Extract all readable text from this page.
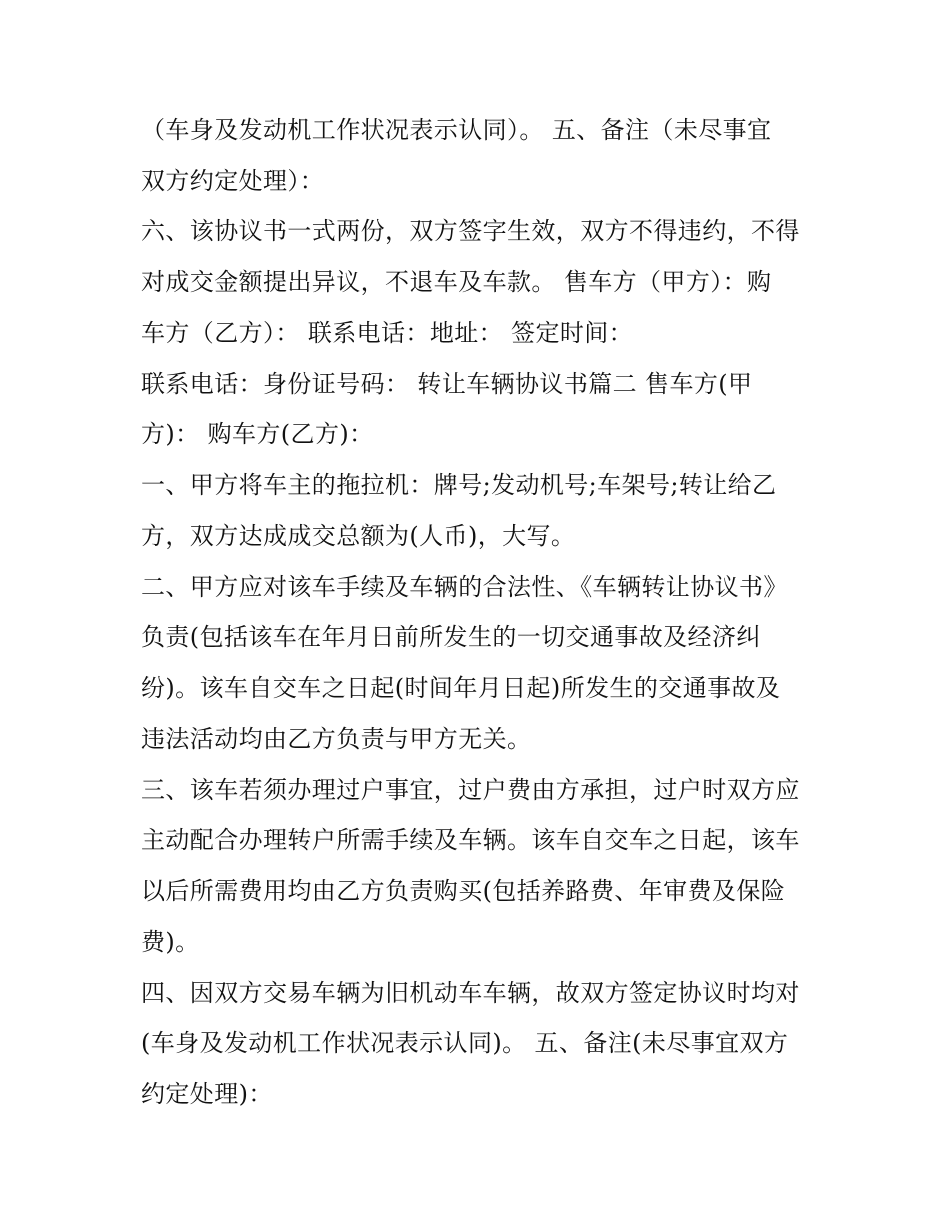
（车身及发动机工作状况表示认同）。 五、备注（未尽事宜
双方约定处理）：
六、该协议书一式两份，双方签字生效，双方不得违约，不得
对成交金额提出异议，不退车及车款。 售车方（甲方）：购
车方（乙方）： 联系电话：地址： 签定时间：
联系电话：身份证号码： 转让车辆协议书篇二 售车方(甲
方)： 购车方(乙方)：
一、甲方将车主的拖拉机：牌号;发动机号;车架号;转让给乙
方，双方达成成交总额为(人币)，大写。
二、甲方应对该车手续及车辆的合法性、《车辆转让协议书》
负责(包括该车在年月日前所发生的一切交通事故及经济纠
纷)。该车自交车之日起(时间年月日起)所发生的交通事故及
违法活动均由乙方负责与甲方无关。
三、该车若须办理过户事宜，过户费由方承担，过户时双方应
主动配合办理转户所需手续及车辆。该车自交车之日起，该车
以后所需费用均由乙方负责购买(包括养路费、年审费及保险
费)。
四、因双方交易车辆为旧机动车车辆，故双方签定协议时均对
(车身及发动机工作状况表示认同)。 五、备注(未尽事宜双方
约定处理)：
